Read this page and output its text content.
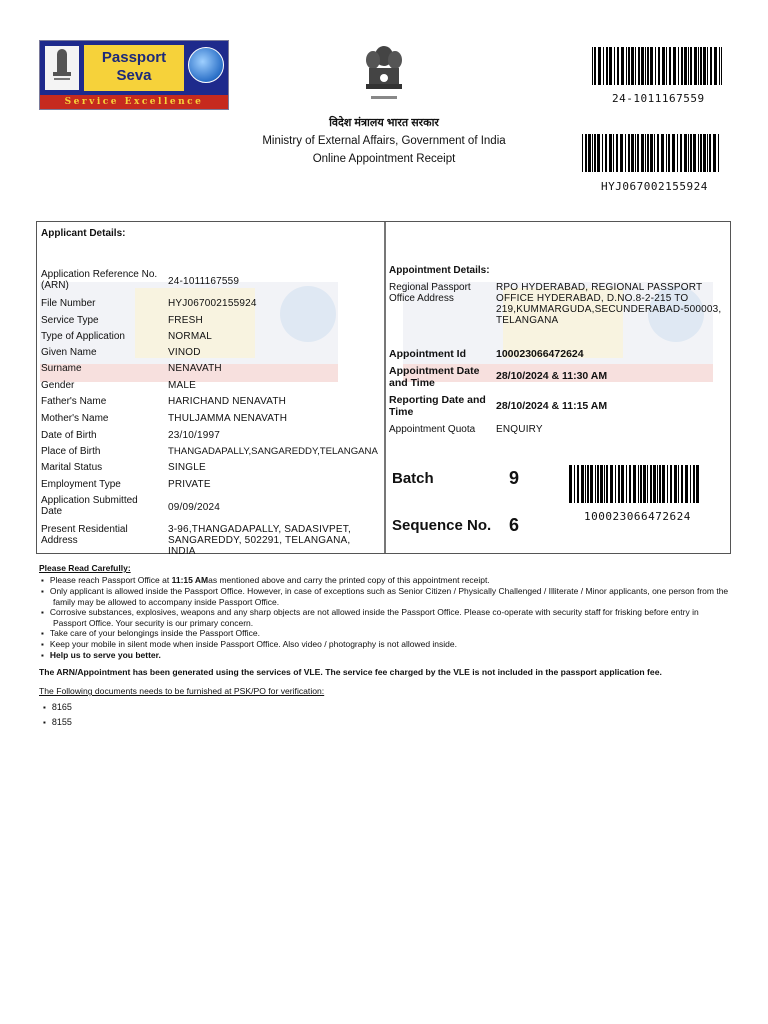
Passport
Seva
Service Excellence
विदेश मंत्रालय भारत सरकार
Ministry of External Affairs, Government of India
Online Appointment Receipt
24-1011167559
HYJ067002155924
Applicant Details:
Application Reference No. (ARN)	24-1011167559
File Number	HYJ067002155924
Service Type	FRESH
Type of Application	NORMAL
Given Name	VINOD
Surname	NENAVATH
Gender	MALE
Father's Name	HARICHAND NENAVATH
Mother's Name	THULJAMMA NENAVATH
Date of Birth	23/10/1997
Place of Birth	THANGADAPALLY,SANGAREDDY,TELANGANA
Marital Status	SINGLE
Employment Type	PRIVATE
Application Submitted Date	09/09/2024
Present Residential Address
3-96,THANGADAPALLY, SADASIVPET, SANGAREDDY, 502291, TELANGANA, INDIA
Appointment Details:
Regional Passport Office Address
RPO HYDERABAD, REGIONAL PASSPORT OFFICE HYDERABAD, D.NO.8-2-215 TO 219,KUMMARGUDA,SECUNDERABAD-500003, TELANGANA
Appointment Id	100023066472624
Appointment Date and Time
28/10/2024 & 11:30 AM
Reporting Date and Time	28/10/2024 & 11:15 AM
Appointment Quota ENQUIRY
Batch	9
Sequence No. 6	100023066472624
Please Read Carefully:
▪ Please reach Passport Office at 11:15 AMas mentioned above and carry the printed copy of this appointment receipt.
▪ Only applicant is allowed inside the Passport Office. However, in case of exceptions such as Senior Citizen / Physically Challenged / Illiterate / Minor applicants, one person from the family may be allowed to accompany inside Passport Office.
▪ Corrosive substances, explosives, weapons and any sharp objects are not allowed inside the Passport Office. Please co-operate with security staff for frisking before entry in Passport Office. Your security is our primary concern.
▪ Take care of your belongings inside the Passport Office.
▪ Keep your mobile in silent mode when inside Passport Office. Also video / photography is not allowed inside.
▪ Help us to serve you better.
The ARN/Appointment has been generated using the services of VLE. The service fee charged by the VLE is not included in the passport application fee.
The Following documents needs to be furnished at PSK/PO for verification:
▪ 8165
▪ 8155
